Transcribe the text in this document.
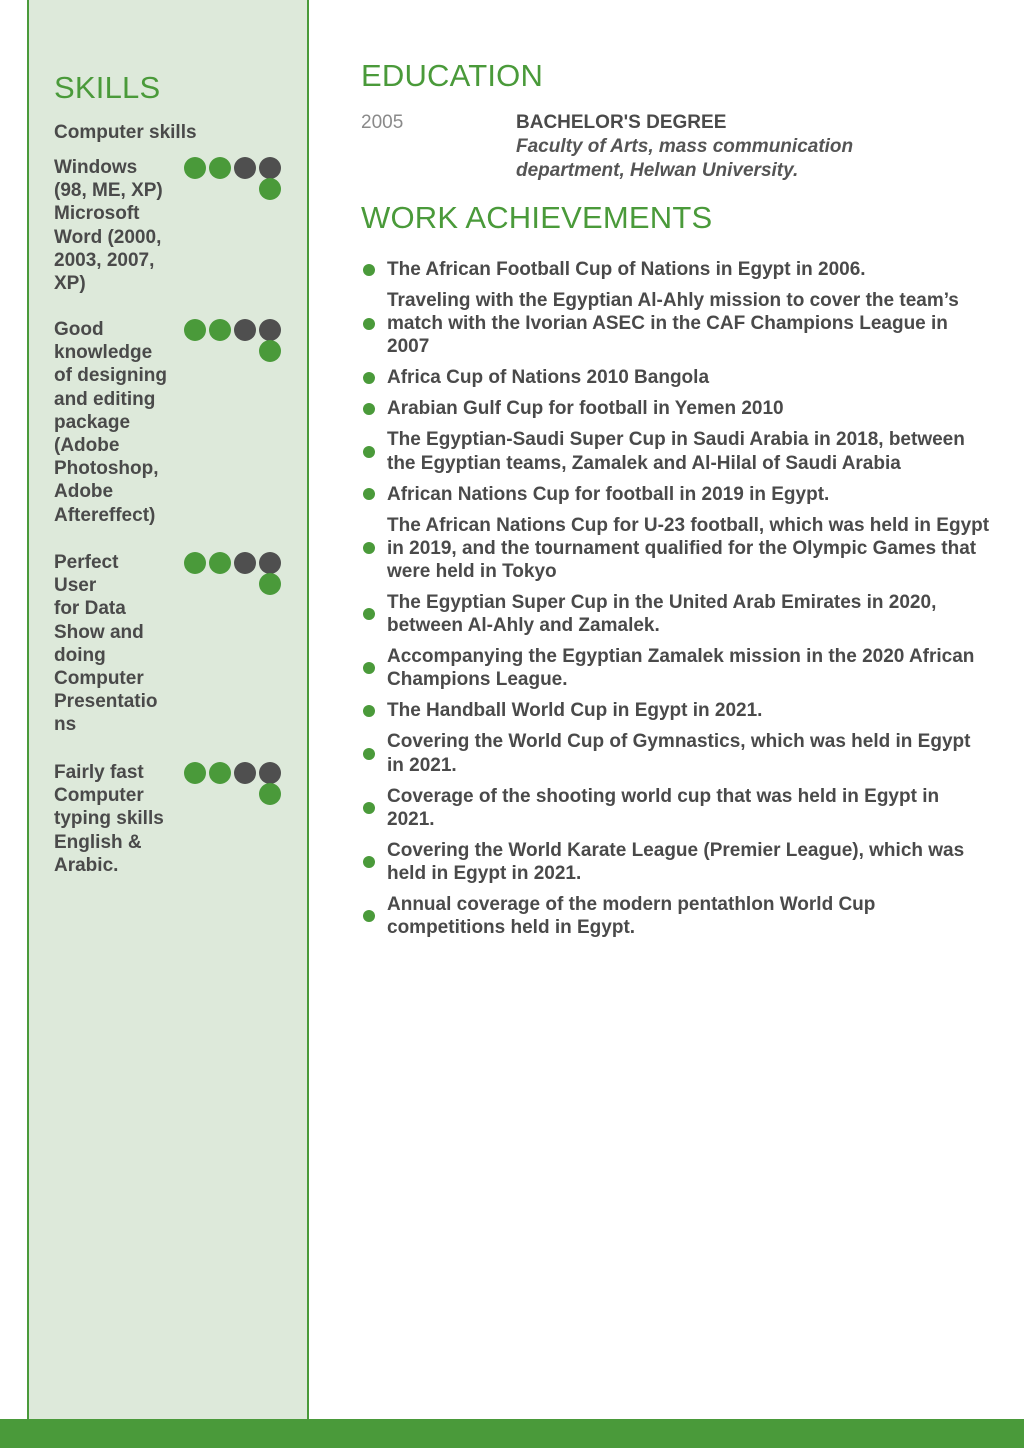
SKILLS
Computer skills
Windows
(98, ME, XP)
Microsoft
Word (2000,
2003, 2007,
XP)
Good
knowledge
of designing
and editing
package
(Adobe
Photoshop,
Adobe
Aftereffect)
Perfect
User
for Data
Show and
doing
Computer
Presentatio
ns
Fairly fast
Computer
typing skills
English &
Arabic.
EDUCATION
2005	BACHELOR'S DEGREE
Faculty of Arts, mass communication department, Helwan University.
WORK ACHIEVEMENTS
The African Football Cup of Nations in Egypt in 2006.
Traveling with the Egyptian Al-Ahly mission to cover the team’s match with the Ivorian ASEC in the CAF Champions League in 2007
Africa Cup of Nations 2010 Bangola
Arabian Gulf Cup for football in Yemen 2010
The Egyptian-Saudi Super Cup in Saudi Arabia in 2018, between the Egyptian teams, Zamalek and Al-Hilal of Saudi Arabia
African Nations Cup for football in 2019 in Egypt.
The African Nations Cup for U-23 football, which was held in Egypt in 2019, and the tournament qualified for the Olympic Games that were held in Tokyo
The Egyptian Super Cup in the United Arab Emirates in 2020, between Al-Ahly and Zamalek.
Accompanying the Egyptian Zamalek mission in the 2020 African Champions League.
The Handball World Cup in Egypt in 2021.
Covering the World Cup of Gymnastics, which was held in Egypt in 2021.
Coverage of the shooting world cup that was held in Egypt in 2021.
Covering the World Karate League (Premier League), which was held in Egypt in 2021.
Annual coverage of the modern pentathlon World Cup competitions held in Egypt.
